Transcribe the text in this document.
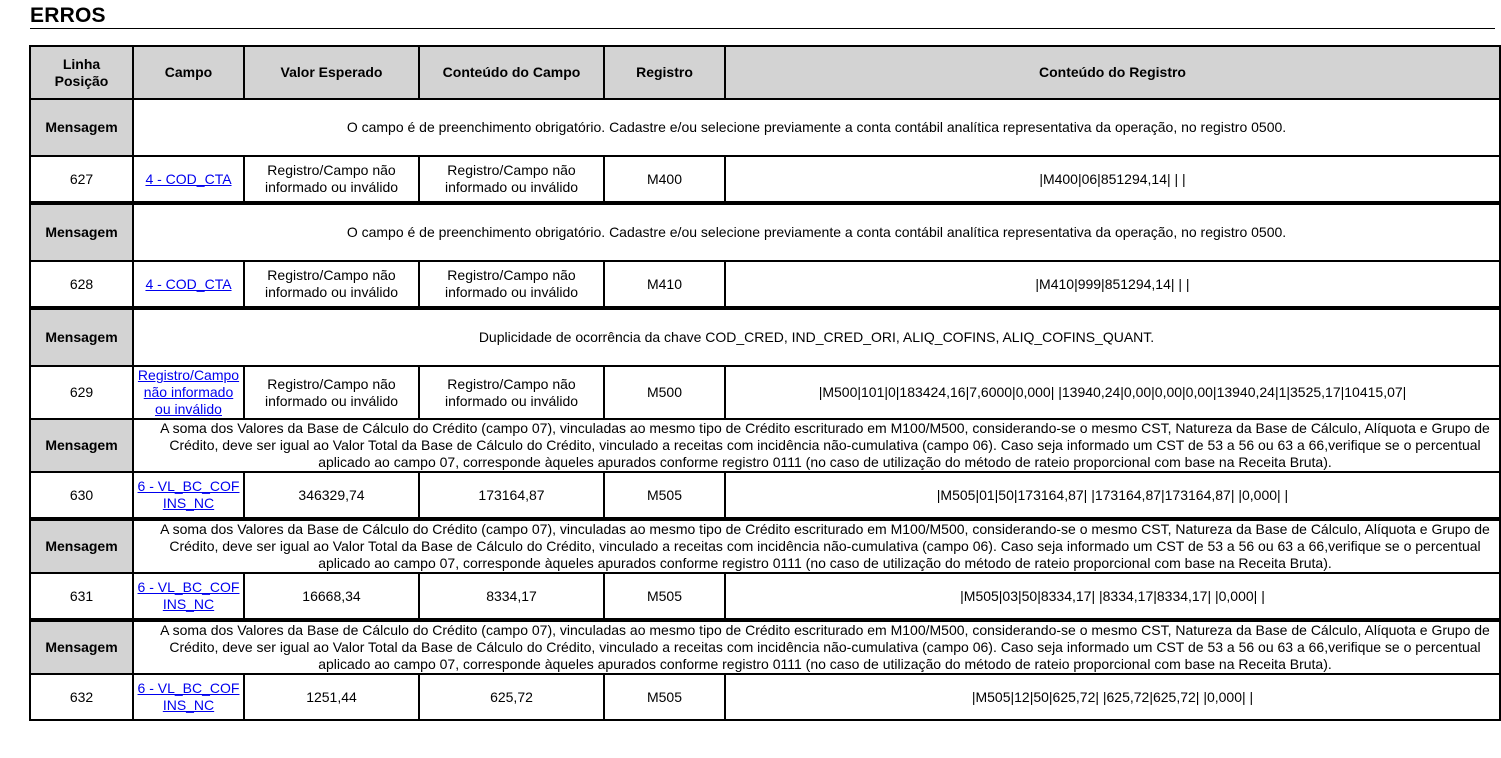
ERROS
Linha
Posição	Campo	Valor Esperado	Conteúdo do Campo	Registro	Conteúdo do Registro
Mensagem	O campo é de preenchimento obrigatório. Cadastre e/ou selecione previamente a conta contábil analítica representativa da operação, no registro 0500.				
627	4 - COD_CTA	Registro/Campo não informado ou inválido	Registro/Campo não informado ou inválido	M400	|M400|06|851294,14| | |
Mensagem	O campo é de preenchimento obrigatório. Cadastre e/ou selecione previamente a conta contábil analítica representativa da operação, no registro 0500.				
628	4 - COD_CTA	Registro/Campo não informado ou inválido	Registro/Campo não informado ou inválido	M410	|M410|999|851294,14| | |
Mensagem	Duplicidade de ocorrência da chave COD_CRED, IND_CRED_ORI, ALIQ_COFINS, ALIQ_COFINS_QUANT.				
629	Registro/Campo não informado ou inválido	Registro/Campo não informado ou inválido	Registro/Campo não informado ou inválido	M500	|M500|101|0|183424,16|7,6000|0,000| |13940,24|0,00|0,00|0,00|13940,24|1|3525,17|10415,07|
Mensagem	A soma dos Valores da Base de Cálculo do Crédito (campo 07), vinculadas ao mesmo tipo de Crédito escriturado em M100/M500, considerando-se o mesmo CST, Natureza da Base de Cálculo, Alíquota e Grupo de Crédito, deve ser igual ao Valor Total da Base de Cálculo do Crédito, vinculado a receitas com incidência não-cumulativa (campo 06). Caso seja informado um CST de 53 a 56 ou 63 a 66,verifique se o percentual aplicado ao campo 07, corresponde àqueles apurados conforme registro 0111 (no caso de utilização do método de rateio proporcional com base na Receita Bruta).				
630	6 - VL_BC_COFINS_NC	346329,74	173164,87	M505	|M505|01|50|173164,87| |173164,87|173164,87| |0,000| |
Mensagem	A soma dos Valores da Base de Cálculo do Crédito (campo 07), vinculadas ao mesmo tipo de Crédito escriturado em M100/M500, considerando-se o mesmo CST, Natureza da Base de Cálculo, Alíquota e Grupo de Crédito, deve ser igual ao Valor Total da Base de Cálculo do Crédito, vinculado a receitas com incidência não-cumulativa (campo 06). Caso seja informado um CST de 53 a 56 ou 63 a 66,verifique se o percentual aplicado ao campo 07, corresponde àqueles apurados conforme registro 0111 (no caso de utilização do método de rateio proporcional com base na Receita Bruta).				
631	6 - VL_BC_COFINS_NC	16668,34	8334,17	M505	|M505|03|50|8334,17| |8334,17|8334,17| |0,000| |
Mensagem	A soma dos Valores da Base de Cálculo do Crédito (campo 07), vinculadas ao mesmo tipo de Crédito escriturado em M100/M500, considerando-se o mesmo CST, Natureza da Base de Cálculo, Alíquota e Grupo de Crédito, deve ser igual ao Valor Total da Base de Cálculo do Crédito, vinculado a receitas com incidência não-cumulativa (campo 06). Caso seja informado um CST de 53 a 56 ou 63 a 66,verifique se o percentual aplicado ao campo 07, corresponde àqueles apurados conforme registro 0111 (no caso de utilização do método de rateio proporcional com base na Receita Bruta).				
632	6 - VL_BC_COFINS_NC	1251,44	625,72	M505	|M505|12|50|625,72| |625,72|625,72| |0,000| |
